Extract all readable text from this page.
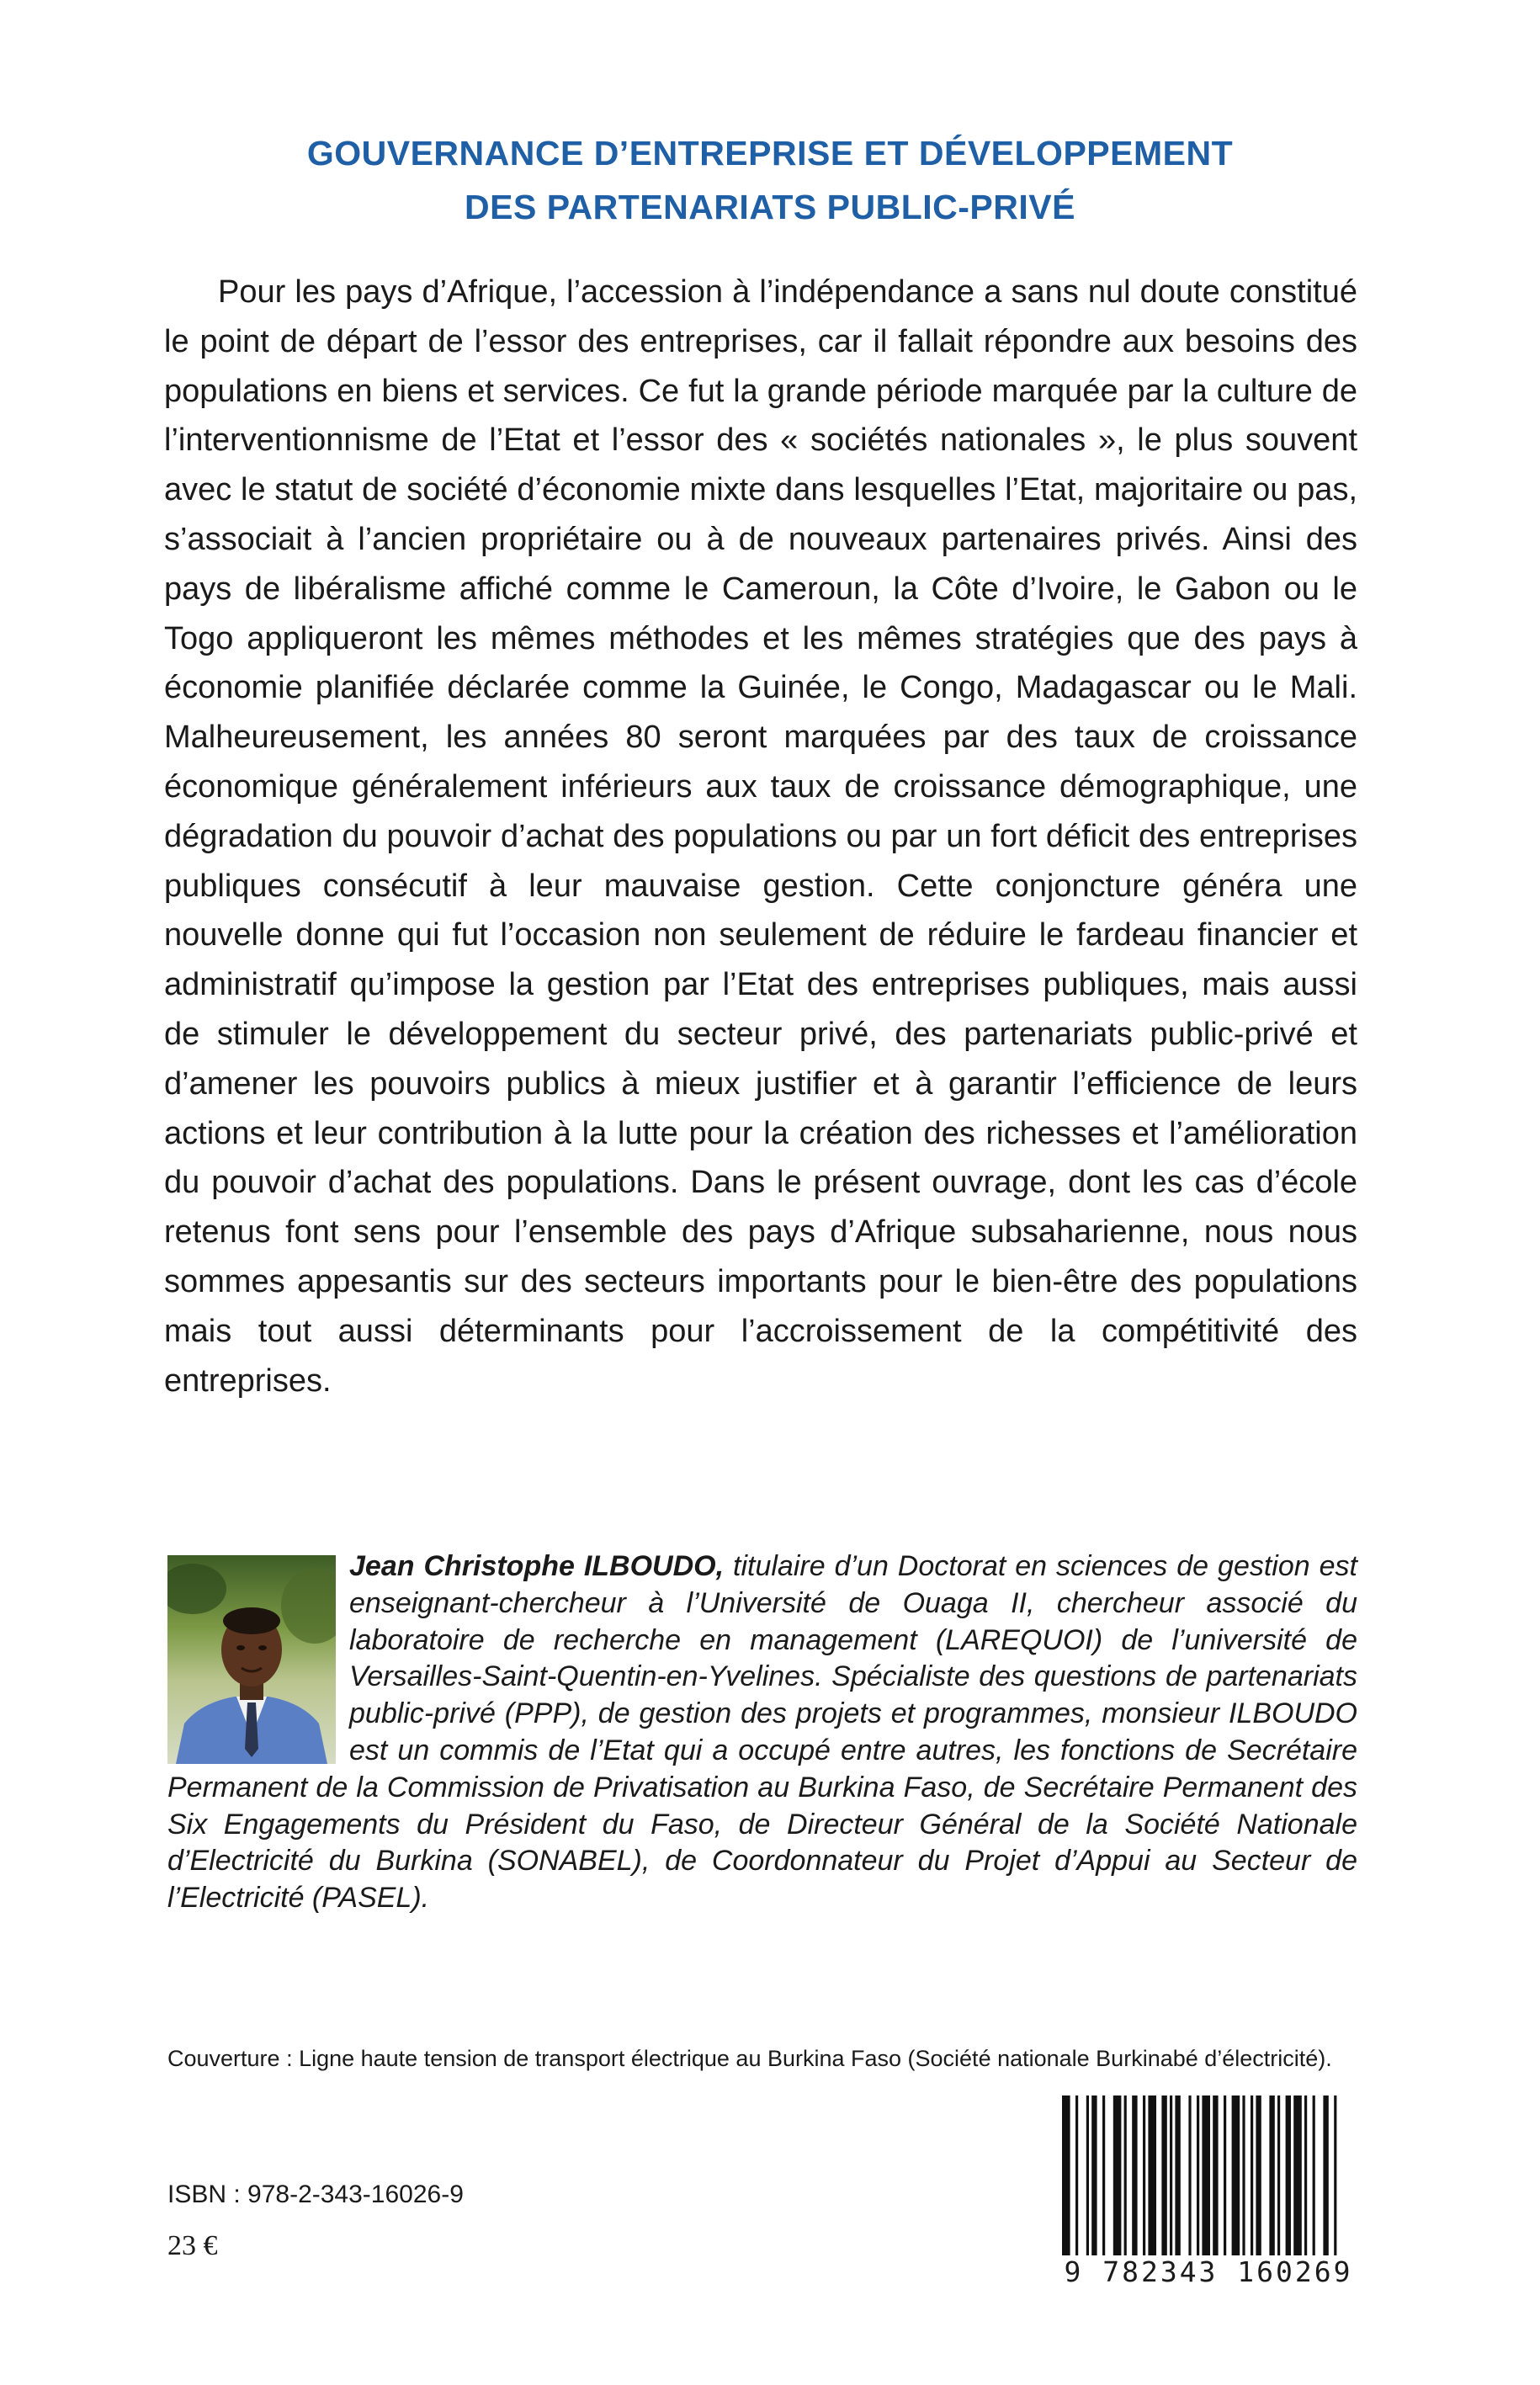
GOUVERNANCE D’ENTREPRISE ET DÉVELOPPEMENT
DES PARTENARIATS PUBLIC-PRIVÉ

Pour les pays d’Afrique, l’accession à l’indépendance a sans nul doute constitué le point de départ de l’essor des entreprises, car il fallait répondre aux besoins des populations en biens et services. Ce fut la grande période marquée par la culture de l’interventionnisme de l’Etat et l’essor des « sociétés nationales », le plus souvent avec le statut de société d’économie mixte dans lesquelles l’Etat, majoritaire ou pas, s’associait à l’ancien propriétaire ou à de nouveaux partenaires privés. Ainsi des pays de libéralisme affiché comme le Cameroun, la Côte d’Ivoire, le Gabon ou le Togo appliqueront les mêmes méthodes et les mêmes stratégies que des pays à économie planifiée déclarée comme la Guinée, le Congo, Madagascar ou le Mali. Malheureusement, les années 80 seront marquées par des taux de croissance économique généralement inférieurs aux taux de croissance démographique, une dégradation du pouvoir d’achat des populations ou par un fort déficit des entreprises publiques consécutif à leur mauvaise gestion. Cette conjoncture généra une nouvelle donne qui fut l’occasion non seulement de réduire le fardeau financier et administratif qu’impose la gestion par l’Etat des entreprises publiques, mais aussi de stimuler le développement du secteur privé, des partenariats public-privé et d’amener les pouvoirs publics à mieux justifier et à garantir l’efficience de leurs actions et leur contribution à la lutte pour la création des richesses et l’amélioration du pouvoir d’achat des populations. Dans le présent ouvrage, dont les cas d’école retenus font sens pour l’ensemble des pays d’Afrique subsaharienne, nous nous sommes appesantis sur des secteurs importants pour le bien-être des populations mais tout aussi déterminants pour l’accroissement de la compétitivité des entreprises.

Jean Christophe ILBOUDO, titulaire d’un Doctorat en sciences de gestion est enseignant-chercheur à l’Université de Ouaga II, chercheur associé du laboratoire de recherche en management (LAREQUOI) de l’université de Versailles-Saint-Quentin-en-Yvelines. Spécialiste des questions de partenariats public-privé (PPP), de gestion des projets et programmes, monsieur ILBOUDO est un commis de l’Etat qui a occupé entre autres, les fonctions de Secrétaire Permanent de la Commission de Privatisation au Burkina Faso, de Secrétaire Permanent des Six Engagements du Président du Faso, de Directeur Général de la Société Nationale d’Electricité du Burkina (SONABEL), de Coordonnateur du Projet d’Appui au Secteur de l’Electricité (PASEL).

Couverture : Ligne haute tension de transport électrique au Burkina Faso (Société nationale Burkinabé d’électricité).

ISBN : 978-2-343-16026-9

23 €

9 782343 160269
